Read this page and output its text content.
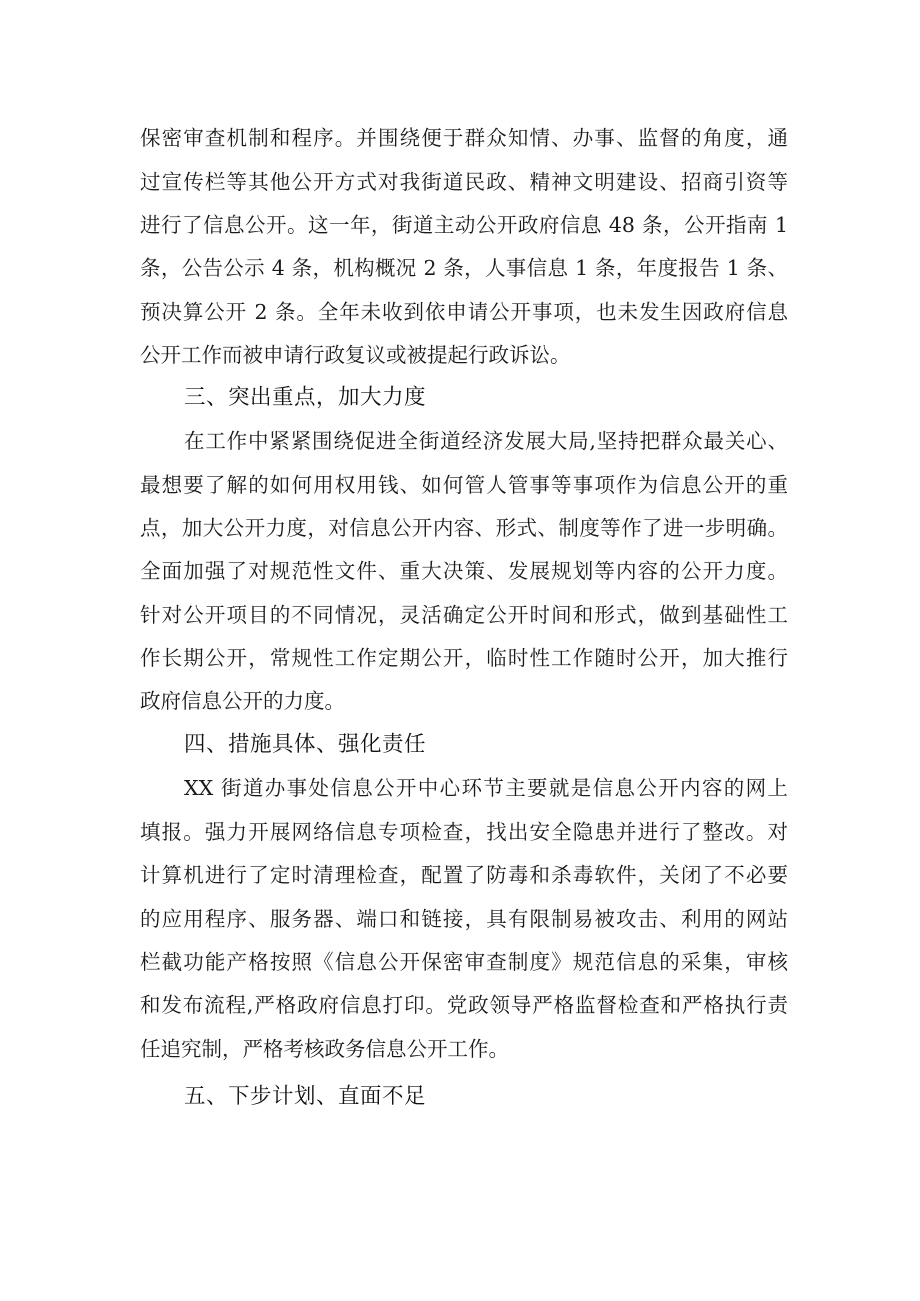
保密审查机制和程序。并围绕便于群众知情、办事、监督的角度，通
过宣传栏等其他公开方式对我街道民政、精神文明建设、招商引资等
进行了信息公开。这一年，街道主动公开政府信息 48 条，公开指南 1
条，公告公示 4 条，机构概况 2 条，人事信息 1 条，年度报告 1 条、
预决算公开 2 条。全年未收到依申请公开事项，也未发生因政府信息
公开工作而被申请行政复议或被提起行政诉讼。
三、突出重点，加大力度
在工作中紧紧围绕促进全街道经济发展大局,坚持把群众最关心、
最想要了解的如何用权用钱、如何管人管事等事项作为信息公开的重
点，加大公开力度，对信息公开内容、形式、制度等作了进一步明确。
全面加强了对规范性文件、重大决策、发展规划等内容的公开力度。
针对公开项目的不同情况，灵活确定公开时间和形式，做到基础性工
作长期公开，常规性工作定期公开，临时性工作随时公开，加大推行
政府信息公开的力度。
四、措施具体、强化责任
XX 街道办事处信息公开中心环节主要就是信息公开内容的网上
填报。强力开展网络信息专项检查，找出安全隐患并进行了整改。对
计算机进行了定时清理检查，配置了防毒和杀毒软件，关闭了不必要
的应用程序、服务器、端口和链接，具有限制易被攻击、利用的网站
栏截功能产格按照《信息公开保密审查制度》规范信息的采集，审核
和发布流程,严格政府信息打印。党政领导严格监督检查和严格执行责
任追究制，严格考核政务信息公开工作。
五、下步计划、直面不足
